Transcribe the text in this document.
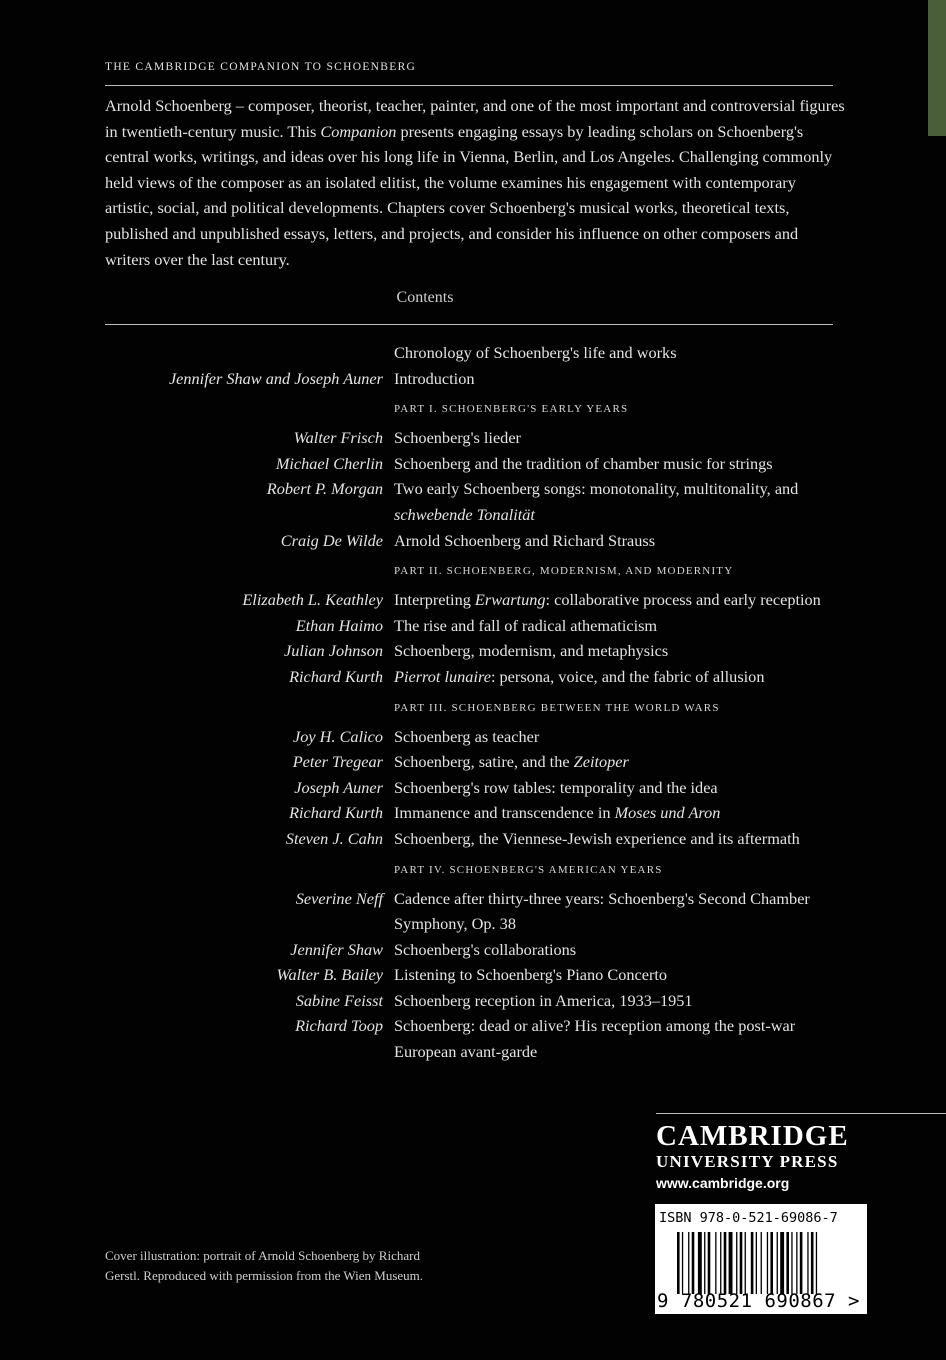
THE CAMBRIDGE COMPANION TO SCHOENBERG
Arnold Schoenberg – composer, theorist, teacher, painter, and one of the most important and controversial figures in twentieth-century music. This Companion presents engaging essays by leading scholars on Schoenberg's central works, writings, and ideas over his long life in Vienna, Berlin, and Los Angeles. Challenging commonly held views of the composer as an isolated elitist, the volume examines his engagement with contemporary artistic, social, and political developments. Chapters cover Schoenberg's musical works, theoretical texts, published and unpublished essays, letters, and projects, and consider his influence on other composers and writers over the last century.
Contents
Chronology of Schoenberg's life and works
Jennifer Shaw and Joseph Auner Introduction
PART I. SCHOENBERG'S EARLY YEARS
Walter Frisch Schoenberg's lieder
Michael Cherlin Schoenberg and the tradition of chamber music for strings
Robert P. Morgan Two early Schoenberg songs: monotonality, multitonality, and schwebende Tonalität
Craig De Wilde Arnold Schoenberg and Richard Strauss
PART II. SCHOENBERG, MODERNISM, AND MODERNITY
Elizabeth L. Keathley Interpreting Erwartung: collaborative process and early reception
Ethan Haimo The rise and fall of radical athematicism
Julian Johnson Schoenberg, modernism, and metaphysics
Richard Kurth Pierrot lunaire: persona, voice, and the fabric of allusion
PART III. SCHOENBERG BETWEEN THE WORLD WARS
Joy H. Calico Schoenberg as teacher
Peter Tregear Schoenberg, satire, and the Zeitoper
Joseph Auner Schoenberg's row tables: temporality and the idea
Richard Kurth Immanence and transcendence in Moses und Aron
Steven J. Cahn Schoenberg, the Viennese-Jewish experience and its aftermath
PART IV. SCHOENBERG'S AMERICAN YEARS
Severine Neff Cadence after thirty-three years: Schoenberg's Second Chamber Symphony, Op. 38
Jennifer Shaw Schoenberg's collaborations
Walter B. Bailey Listening to Schoenberg's Piano Concerto
Sabine Feisst Schoenberg reception in America, 1933–1951
Richard Toop Schoenberg: dead or alive? His reception among the post-war European avant-garde
CAMBRIDGE
UNIVERSITY PRESS
www.cambridge.org
ISBN 978-0-521-69086-7
9 780521 690867 >
Cover illustration: portrait of Arnold Schoenberg by Richard Gerstl. Reproduced with permission from the Wien Museum.
